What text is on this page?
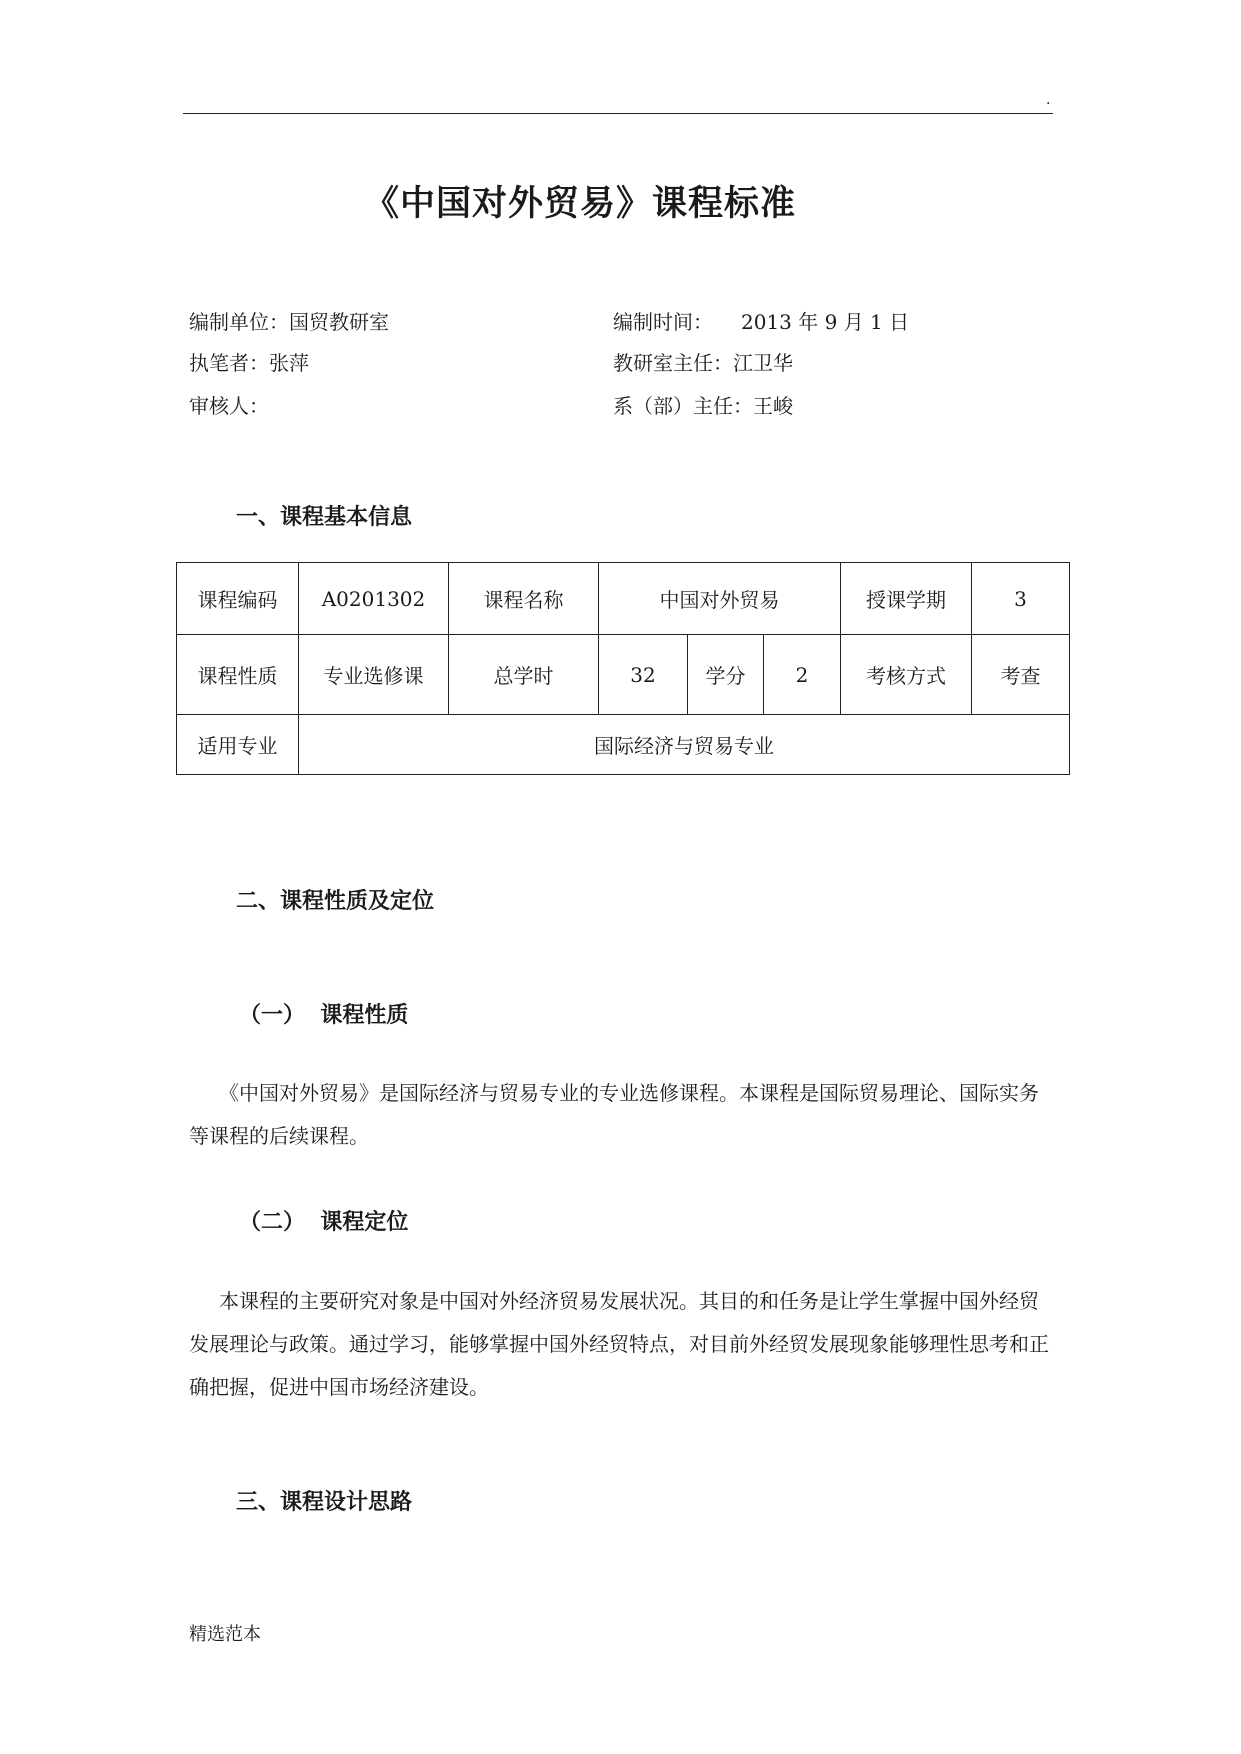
.
《中国对外贸易》课程标准
编制单位：国贸教研室	编制时间： 2013 年 9 月 1 日
执笔者：张萍	教研室主任：江卫华
审核人：	系（部）主任：王峻
一、课程基本信息
课程编码	A0201302	课程名称	中国对外贸易			授课学期	3
课程性质	专业选修课	总学时	32	学分	2	考核方式	考查
适用专业	国际经济与贸易专业						
二、课程性质及定位
（一）  课程性质

《中国对外贸易》是国际经济与贸易专业的专业选修课程。本课程是国际贸易理论、国际实务等课程的后续课程。

（二）  课程定位

本课程的主要研究对象是中国对外经济贸易发展状况。其目的和任务是让学生掌握中国外经贸发展理论与政策。通过学习，能够掌握中国外经贸特点，对目前外经贸发展现象能够理性思考和正确把握，促进中国市场经济建设。

三、课程设计思路
精选范本
